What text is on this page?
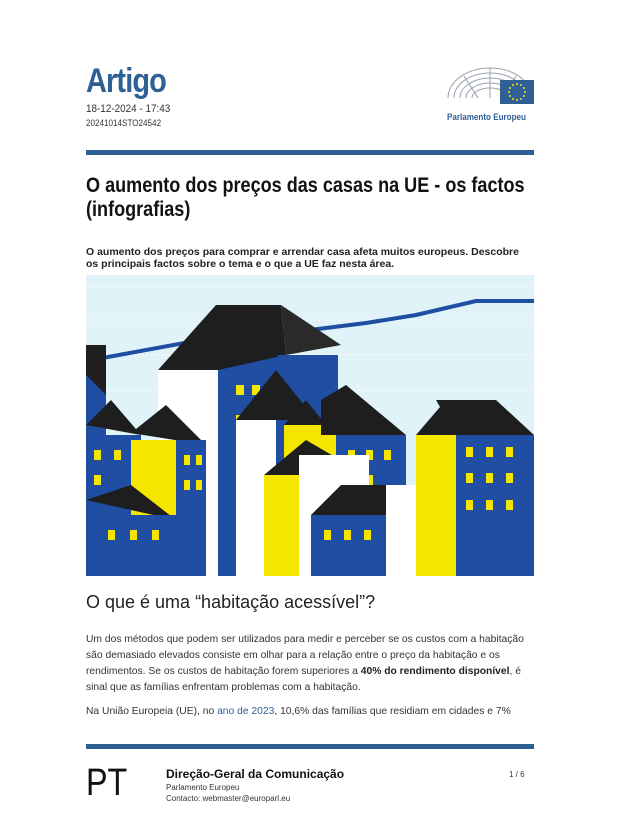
Artigo
18-12-2024 - 17:43
20241014STO24542	Parlamento Europeu
O aumento dos preços das casas na UE - os factos (infografias)
O aumento dos preços para comprar e arrendar casa afeta muitos europeus. Descobre os principais factos sobre o tema e o que a UE faz nesta área.
O que é uma “habitação acessível”?
Um dos métodos que podem ser utilizados para medir e perceber se os custos com a habitação são demasiado elevados consiste em olhar para a relação entre o preço da habitação e os rendimentos. Se os custos de habitação forem superiores a 40% do rendimento disponível, é sinal que as famílias enfrentam problemas com a habitação.
Na União Europeia (UE), no ano de 2023, 10,6% das famílias que residiam em cidades e 7%
PT	Direção-Geral da Comunicação
Parlamento Europeu
Contacto: webmaster@europarl.eu
1 / 6
